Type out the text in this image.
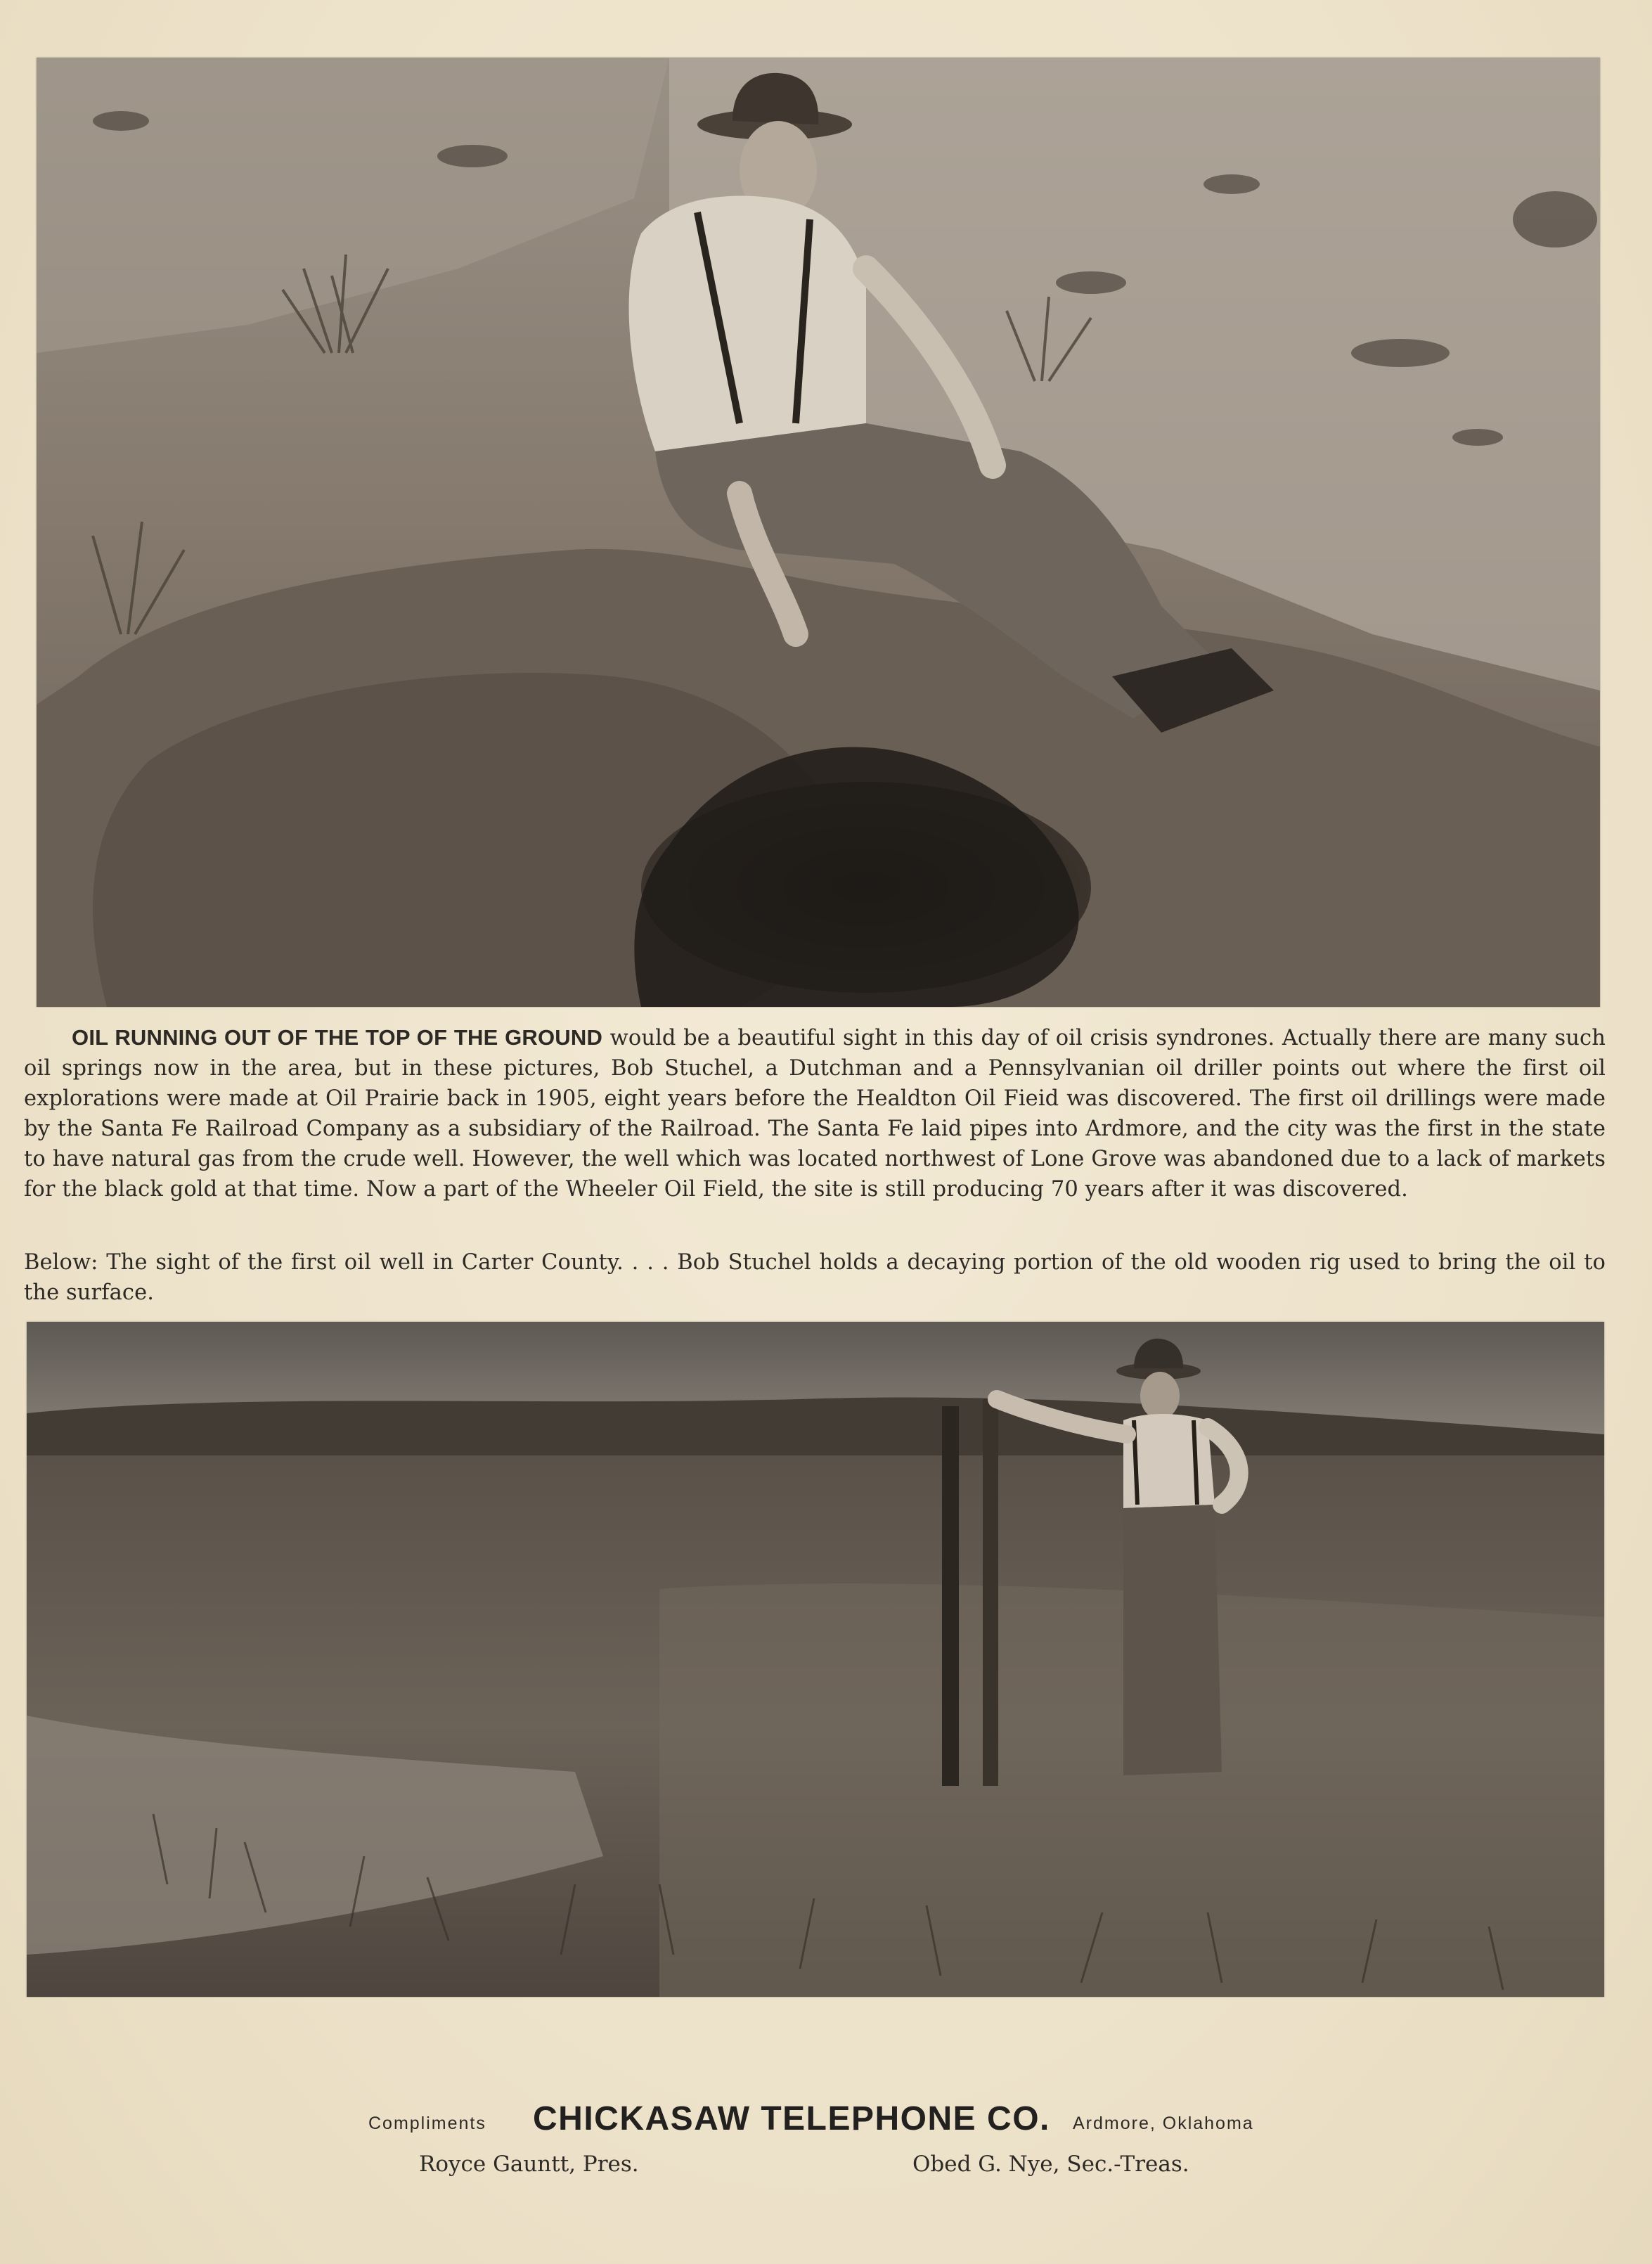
OIL RUNNING OUT OF THE TOP OF THE GROUND would be a beautiful sight in this day of oil crisis syndrones. Actually there are many such oil springs now in the area, but in these pictures, Bob Stuchel, a Dutchman and a Pennsylvanian oil driller points out where the first oil explorations were made at Oil Prairie back in 1905, eight years before the Healdton Oil Fieid was discovered. The first oil drillings were made by the Santa Fe Railroad Company as a subsidiary of the Railroad. The Santa Fe laid pipes into Ardmore, and the city was the first in the state to have natural gas from the crude well. However, the well which was located northwest of Lone Grove was abandoned due to a lack of markets for the black gold at that time. Now a part of the Wheeler Oil Field, the site is still producing 70 years after it was discovered.
Below: The sight of the first oil well in Carter County. . . . Bob Stuchel holds a decaying portion of the old wooden rig used to bring the oil to the surface.
Compliments CHICKASAW TELEPHONE CO. Ardmore, Oklahoma
Royce Gauntt, Pres.	Obed G. Nye, Sec.-Treas.
